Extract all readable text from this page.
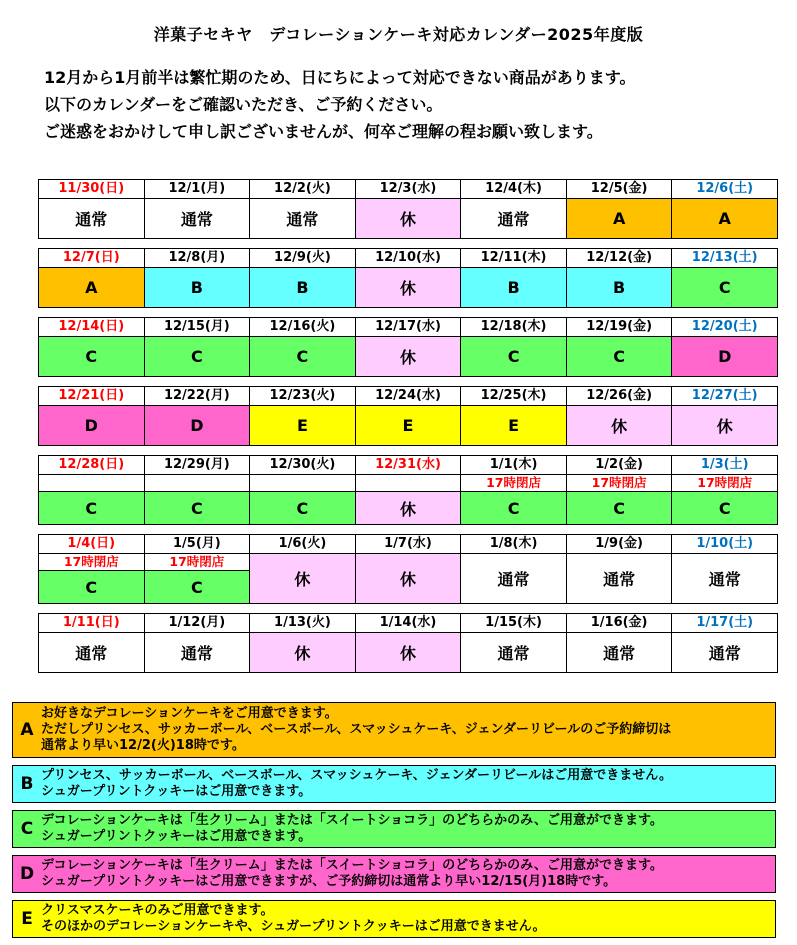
洋菓子セキヤ　デコレーションケーキ対応カレンダー2025年度版
12月から1月前半は繁忙期のため、日にちによって対応できない商品があります。
以下のカレンダーをご確認いただき、ご予約ください。
ご迷惑をおかけして申し訳ございませんが、何卒ご理解の程お願い致します。
11/30(日)
通常
12/1(月)
通常
12/2(火)
通常
12/3(水)
休
12/4(木)
通常
12/5(金)
A
12/6(土)
A
12/7(日)
A
12/8(月)
B
12/9(火)
B
12/10(水)
休
12/11(木)
B
12/12(金)
B
12/13(土)
C
12/14(日)
C
12/15(月)
C
12/16(火)
C
12/17(水)
休
12/18(木)
C
12/19(金)
C
12/20(土)
D
12/21(日)
D
12/22(月)
D
12/23(火)
E
12/24(水)
E
12/25(木)
E
12/26(金)
休
12/27(土)
休
12/28(日)
C
12/29(月)
C
12/30(火)
C
12/31(水)
休
1/1(木)
17時閉店
C
1/2(金)
17時閉店
C
1/3(土)
17時閉店
C
1/4(日)
17時閉店
C
1/5(月)
17時閉店
C
1/6(火)
休
1/7(水)
休
1/8(木)
通常
1/9(金)
通常
1/10(土)
通常
1/11(日)
通常
1/12(月)
通常
1/13(火)
休
1/14(水)
休
1/15(木)
通常
1/16(金)
通常
1/17(土)
通常
A
お好きなデコレーションケーキをご用意できます。
ただしプリンセス、サッカーボール、ベースボール、スマッシュケーキ、ジェンダーリビールのご予約締切は
通常より早い12/2(火)18時です。
B プリンセス、サッカーボール、ベースボール、スマッシュケーキ、ジェンダーリビールはご用意できません。
シュガープリントクッキーはご用意できます。
C デコレーションケーキは「生クリーム」または「スイートショコラ」のどちらかのみ、ご用意ができます。
シュガープリントクッキーはご用意できます。
D デコレーションケーキは「生クリーム」または「スイートショコラ」のどちらかのみ、ご用意ができます。
シュガープリントクッキーはご用意できますが、ご予約締切は通常より早い12/15(月)18時です。
E クリスマスケーキのみご用意できます。
そのほかのデコレーションケーキや、シュガープリントクッキーはご用意できません。
